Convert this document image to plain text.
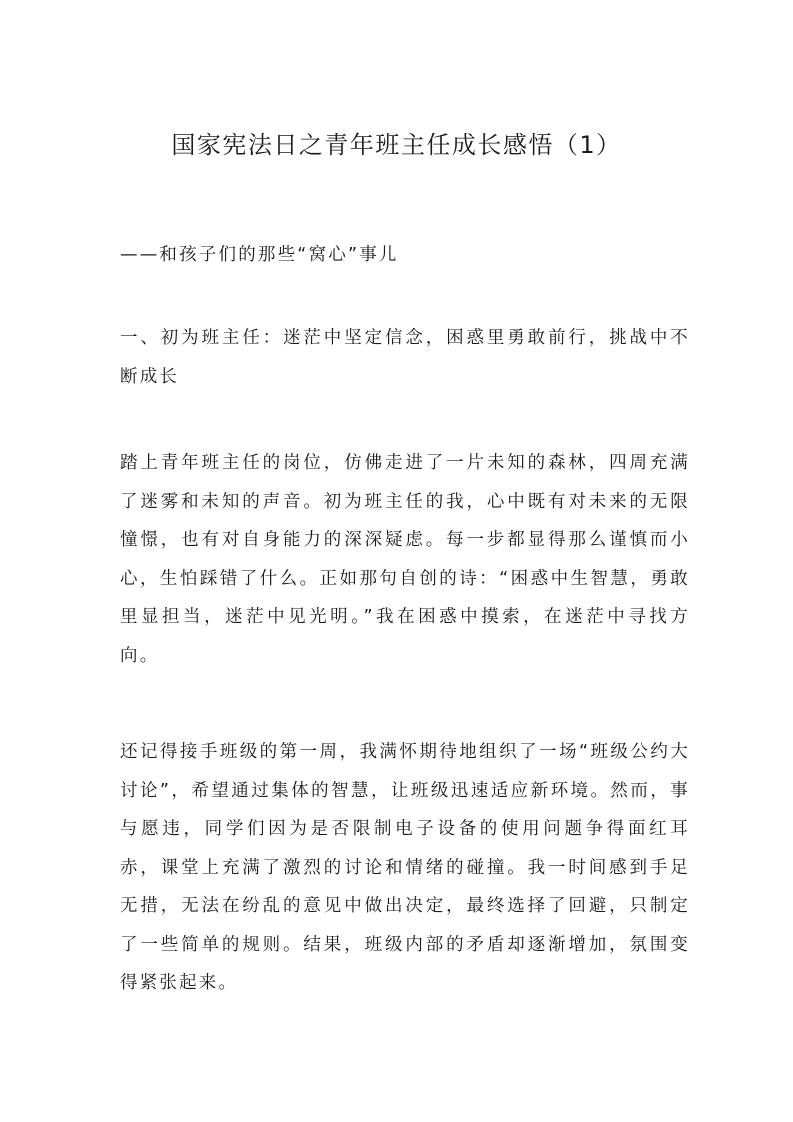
国家宪法日之青年班主任成长感悟（1）

——和孩子们的那些“窝心”事儿

一、初为班主任：迷茫中坚定信念，困惑里勇敢前行，挑战中不断成长

踏上青年班主任的岗位，仿佛走进了一片未知的森林，四周充满了迷雾和未知的声音。初为班主任的我，心中既有对未来的无限憧憬，也有对自身能力的深深疑虑。每一步都显得那么谨慎而小心，生怕踩错了什么。正如那句自创的诗：“困惑中生智慧，勇敢里显担当，迷茫中见光明。”我在困惑中摸索，在迷茫中寻找方向。

还记得接手班级的第一周，我满怀期待地组织了一场“班级公约大讨论”，希望通过集体的智慧，让班级迅速适应新环境。然而，事与愿违，同学们因为是否限制电子设备的使用问题争得面红耳赤，课堂上充满了激烈的讨论和情绪的碰撞。我一时间感到手足无措，无法在纷乱的意见中做出决定，最终选择了回避，只制定了一些简单的规则。结果，班级内部的矛盾却逐渐增加，氛围变得紧张起来。
